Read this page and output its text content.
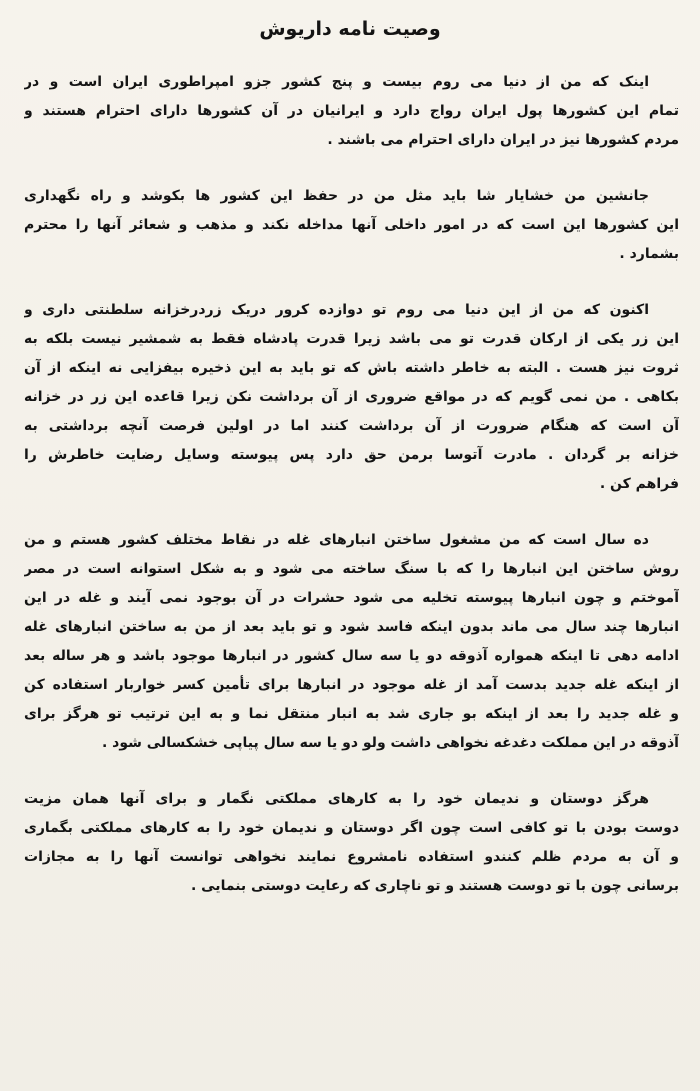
وصیت نامه داریوش
اینک که من از دنیا می روم بیست و پنج کشور جزو امپراطوری ایران است و در
تمام این کشورها پول ایران رواج دارد و ایرانیان در آن کشورها دارای احترام هستند و
مردم کشورها نیز در ایران دارای احترام می باشند .
جانشین من خشایار شا باید مثل من در حفظ این کشور ها بکوشد و راه نگهداری
این کشورها این است که در امور داخلی آنها مداخله نکند و مذهب و شعائر آنها را محترم
بشمارد .
اکنون که من از این دنیا می روم تو دوازده کرور دریک زردرخزانه سلطنتی داری و
این زر یکی از ارکان قدرت تو می باشد زیرا قدرت پادشاه فقط به شمشیر نیست بلکه به
ثروت نیز هست . البته به خاطر داشته باش که تو باید به این ذخیره بیفزایی نه اینکه از آن
بکاهی . من نمی گویم که در مواقع ضروری از آن برداشت نکن زیرا قاعده این زر در خزانه
آن است که هنگام ضرورت از آن برداشت کنند اما در اولین فرصت آنچه برداشتی به
خزانه بر گردان . مادرت آتوسا برمن حق دارد پس پیوسته وسایل رضایت خاطرش را
فراهم کن .
ده سال است که من مشغول ساختن انبارهای غله در نقاط مختلف کشور هستم و من
روش ساختن این انبارها را که با سنگ ساخته می شود و به شکل استوانه است در مصر
آموختم و چون انبارها پیوسته تخلیه می شود حشرات در آن بوجود نمی آیند و غله در این
انبارها چند سال می ماند بدون اینکه فاسد شود و تو باید بعد از من به ساختن انبارهای غله
ادامه دهی تا اینکه همواره آذوقه دو یا سه سال کشور در انبارها موجود باشد و هر ساله بعد
از اینکه غله جدید بدست آمد از غله موجود در انبارها برای تأمین کسر خواربار استفاده کن
و غله جدید را بعد از اینکه بو جاری شد به انبار منتقل نما و به این ترتیب تو هرگز برای
آذوقه در این مملکت دغدغه نخواهی داشت ولو دو یا سه سال پیاپی خشکسالی شود .
هرگز دوستان و ندیمان خود را به کارهای مملکتی نگمار و برای آنها همان مزیت
دوست بودن با تو کافی است چون اگر دوستان و ندیمان خود را به کارهای مملکتی بگماری
و آن به مردم ظلم کنندو استفاده نامشروع نمایند نخواهی توانست آنها را به مجازات
برسانی چون با تو دوست هستند و تو ناچاری که رعایت دوستی بنمایی .
